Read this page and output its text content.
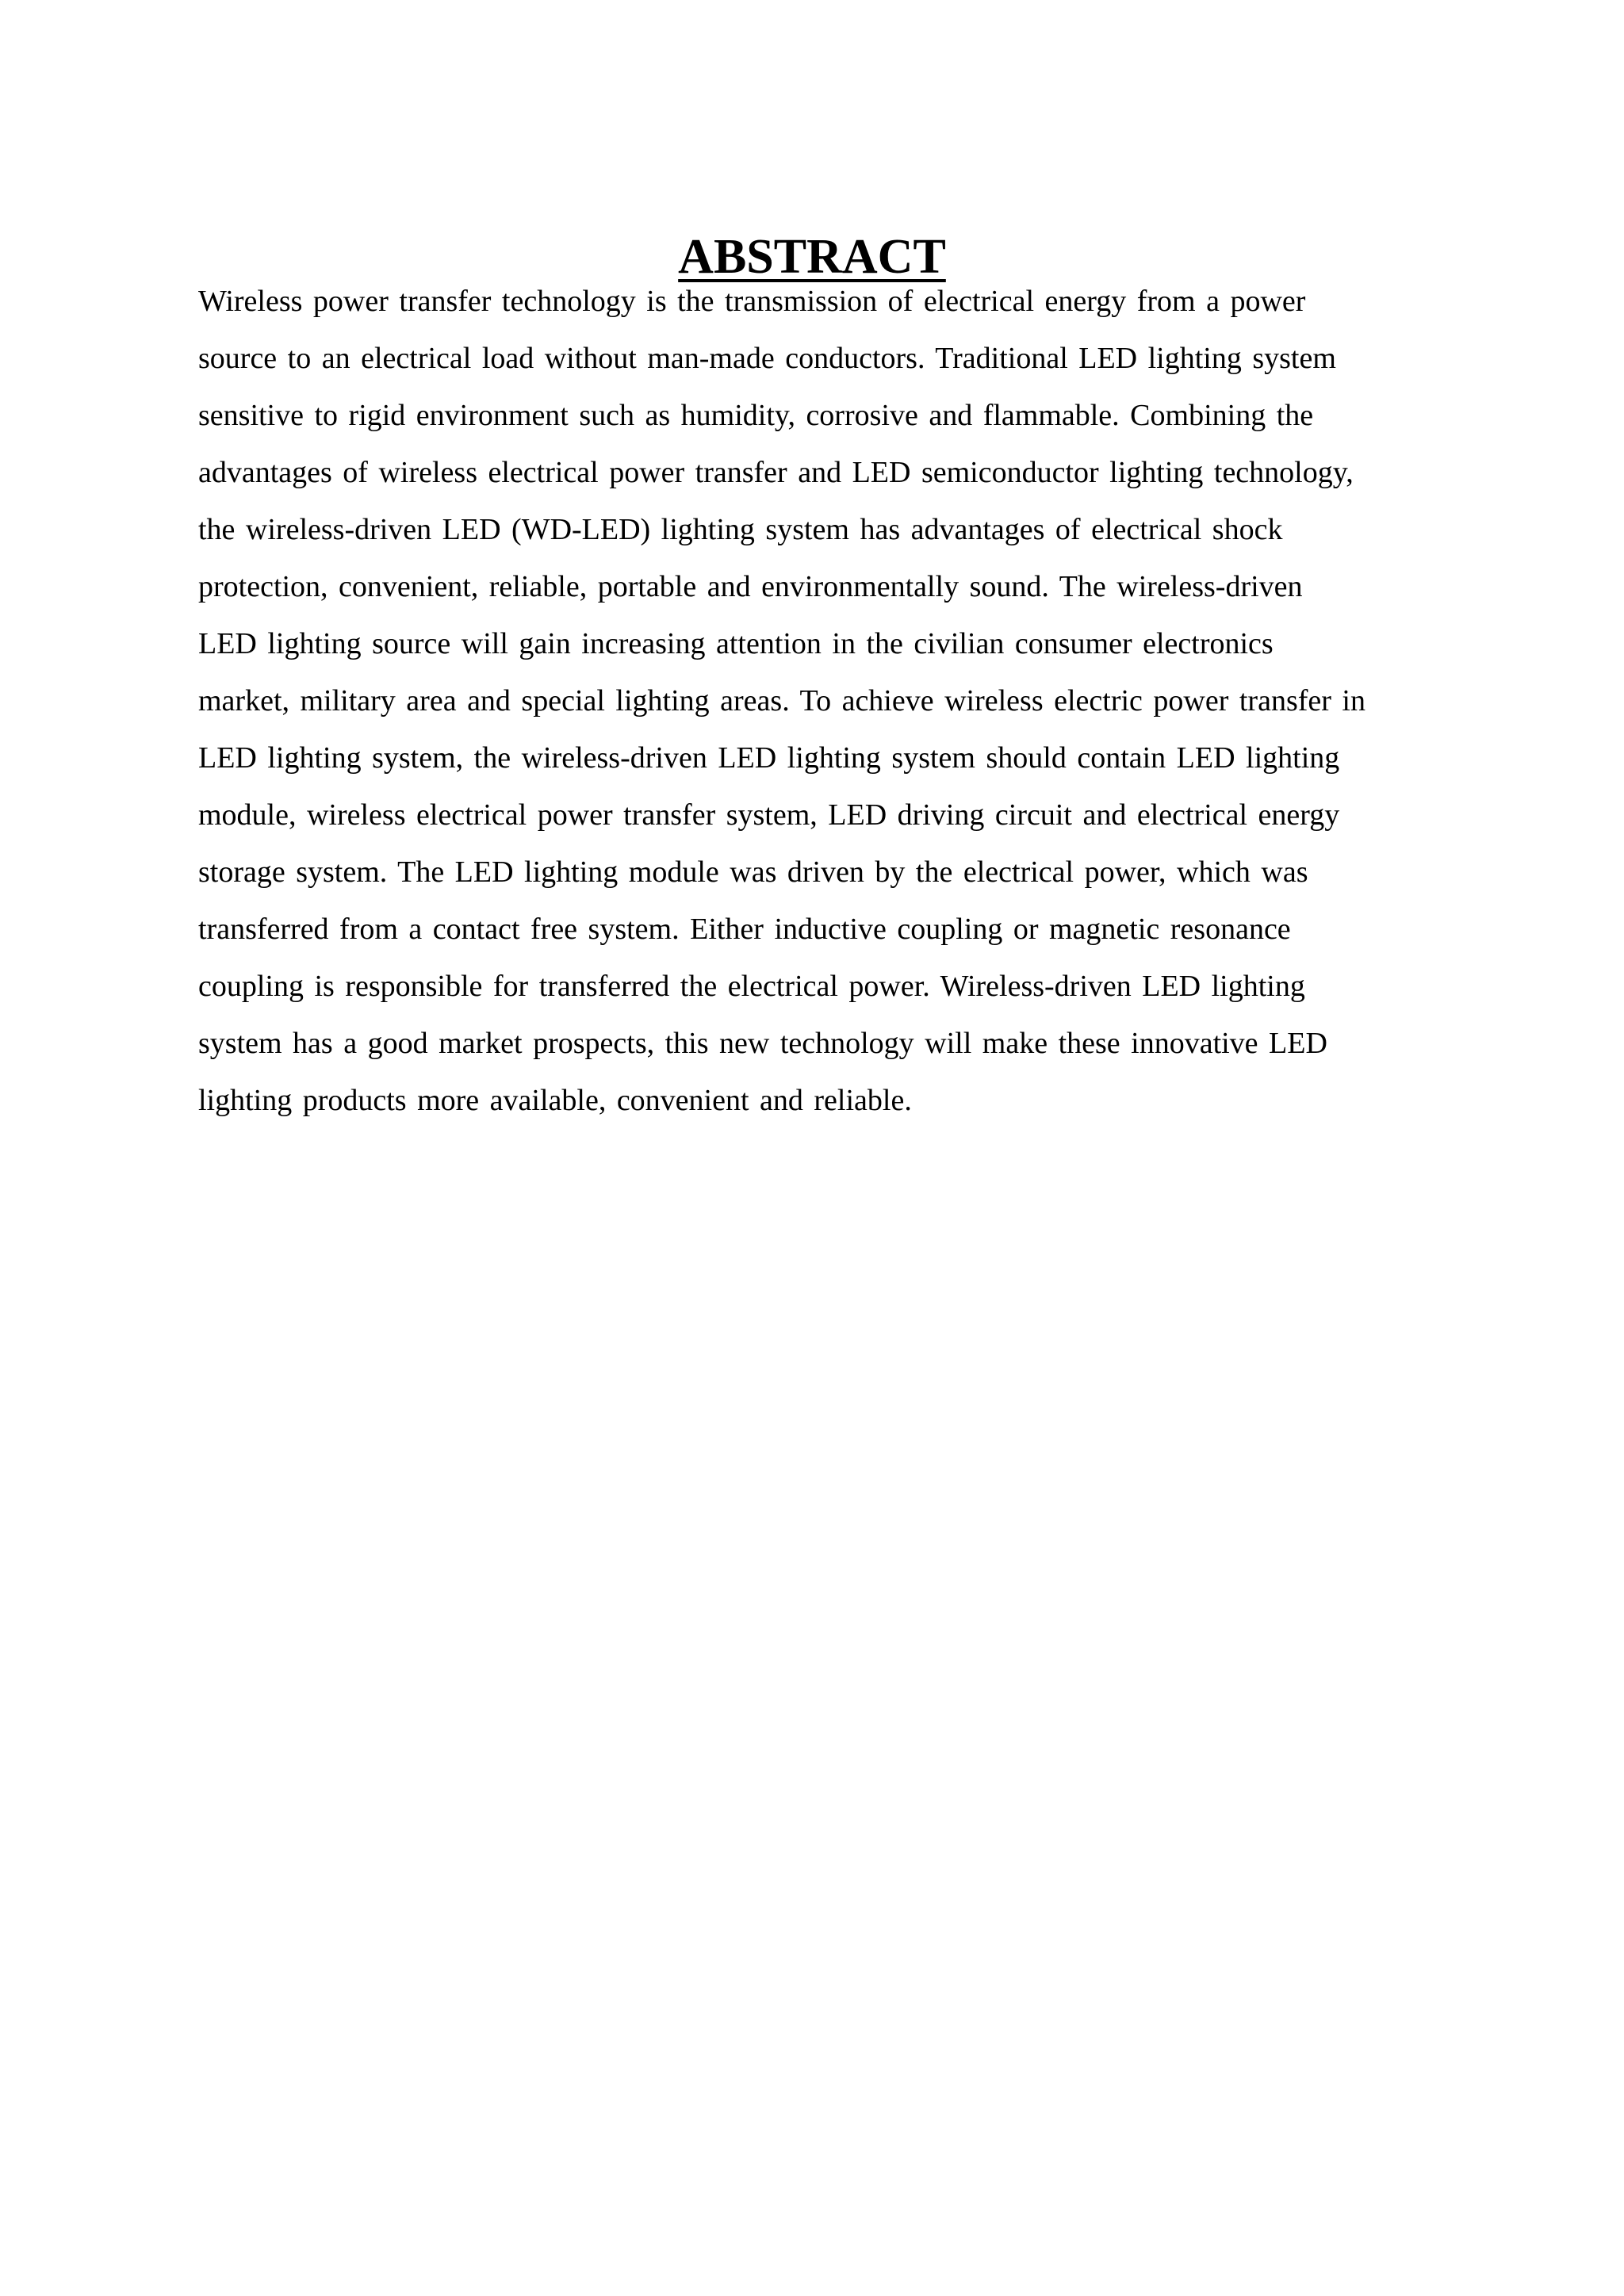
ABSTRACT
Wireless power transfer technology is the transmission of electrical energy from a power
source to an electrical load without man-made conductors. Traditional LED lighting system
sensitive to rigid environment such as humidity, corrosive and flammable. Combining the
advantages of wireless electrical power transfer and LED semiconductor lighting technology,
the wireless-driven LED (WD-LED) lighting system has advantages of electrical shock
protection, convenient, reliable, portable and environmentally sound. The wireless-driven
LED lighting source will gain increasing attention in the civilian consumer electronics
market, military area and special lighting areas. To achieve wireless electric power transfer in
LED lighting system, the wireless-driven LED lighting system should contain LED lighting
module, wireless electrical power transfer system, LED driving circuit and electrical energy
storage system. The LED lighting module was driven by the electrical power, which was
transferred from a contact free system. Either inductive coupling or magnetic resonance
coupling is responsible for transferred the electrical power. Wireless-driven LED lighting
system has a good market prospects, this new technology will make these innovative LED
lighting products more available, convenient and reliable.
